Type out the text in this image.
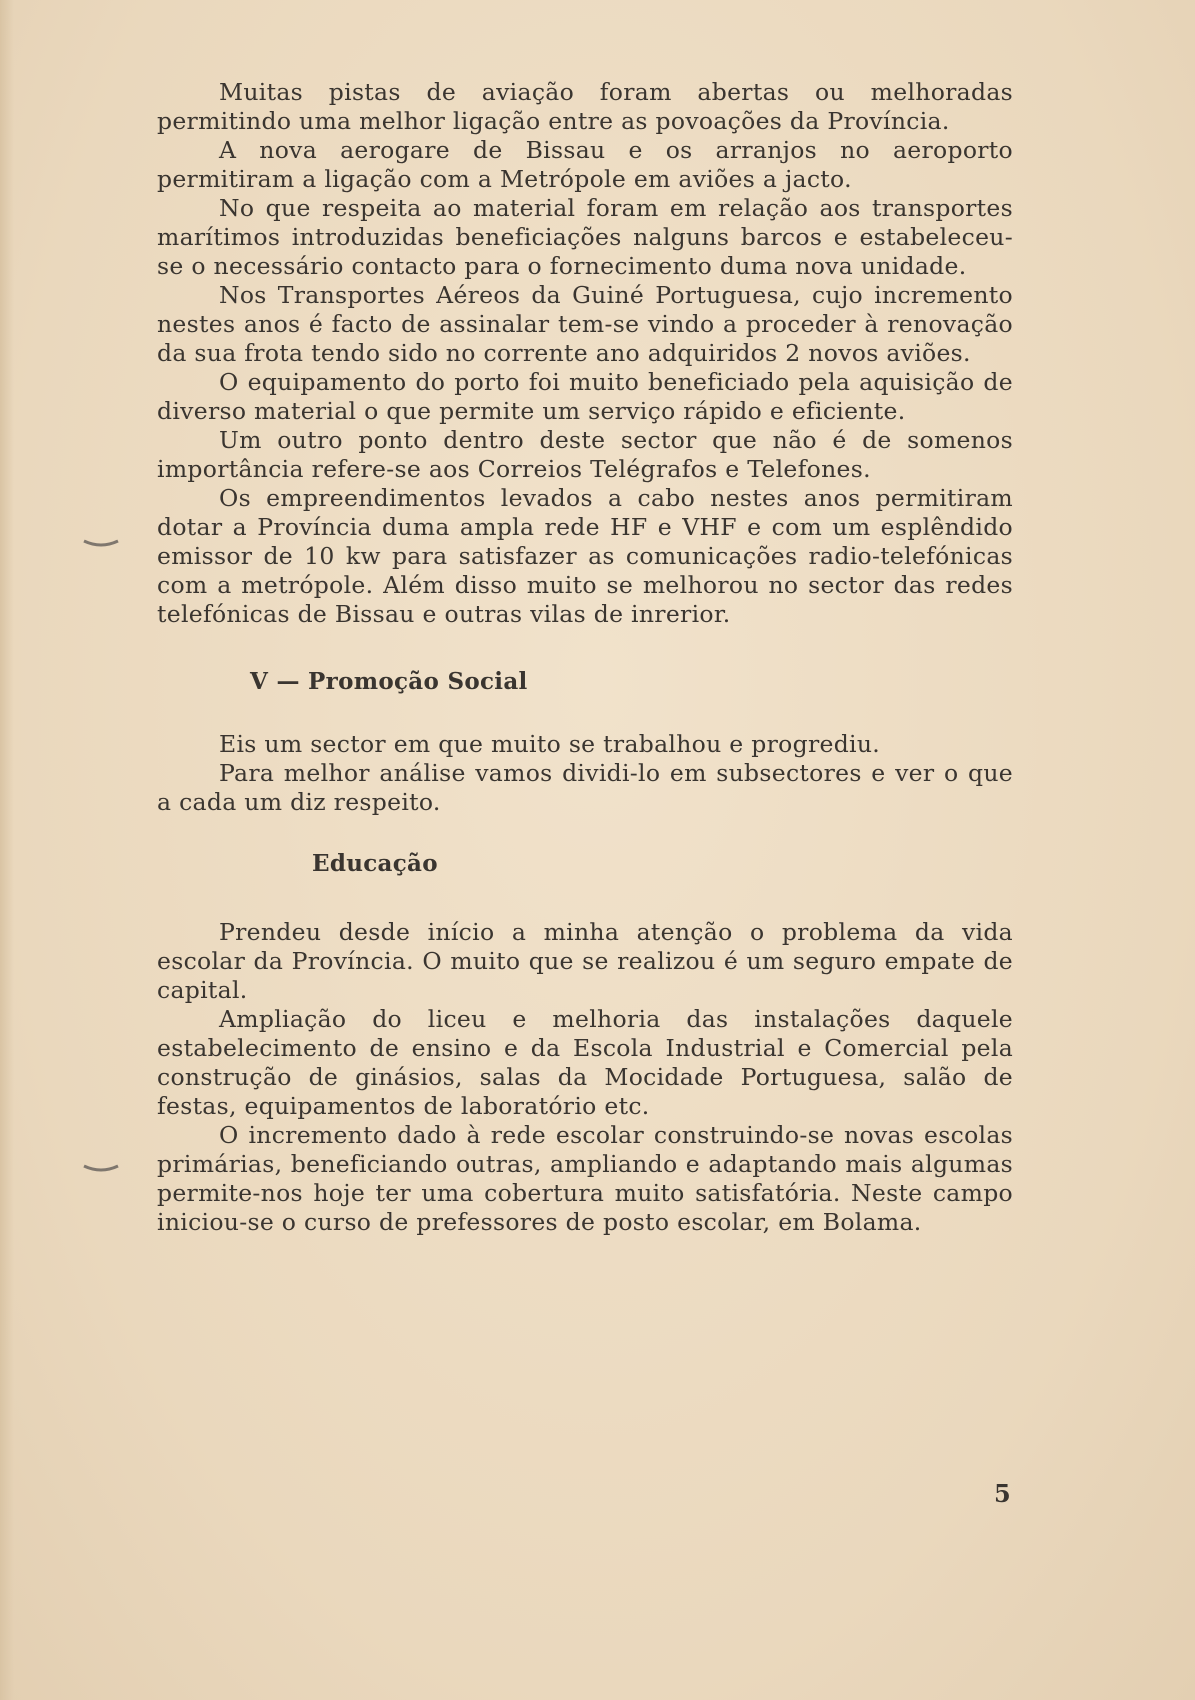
Muitas pistas de aviação foram abertas ou melhoradas permitindo uma melhor ligação entre as povoações da Província.

A nova aerogare de Bissau e os arranjos no aeroporto permitiram a ligação com a Metrópole em aviões a jacto.

No que respeita ao material foram em relação aos transportes marítimos introduzidas beneficiações nalguns barcos e estabeleceu-se o necessário contacto para o fornecimento duma nova unidade.

Nos Transportes Aéreos da Guiné Portuguesa, cujo incremento nestes anos é facto de assinalar tem-se vindo a proceder à renovação da sua frota tendo sido no corrente ano adquiridos 2 novos aviões.

O equipamento do porto foi muito beneficiado pela aquisição de diverso material o que permite um serviço rápido e eficiente.

Um outro ponto dentro deste sector que não é de somenos importância refere-se aos Correios Telégrafos e Telefones.

Os empreendimentos levados a cabo nestes anos permitiram dotar a Província duma ampla rede HF e VHF e com um esplêndido emissor de 10 kw para satisfazer as comunicações radio-telefónicas com a metrópole. Além disso muito se melhorou no sector das redes telefónicas de Bissau e outras vilas de inrerior.

V — Promoção Social

Eis um sector em que muito se trabalhou e progrediu.

Para melhor análise vamos dividi-lo em subsectores e ver o que a cada um diz respeito.

Educação

Prendeu desde início a minha atenção o problema da vida escolar da Província. O muito que se realizou é um seguro empate de capital.

Ampliação do liceu e melhoria das instalações daquele estabelecimento de ensino e da Escola Industrial e Comercial pela construção de ginásios, salas da Mocidade Portuguesa, salão de festas, equipamentos de laboratório etc.

O incremento dado à rede escolar construindo-se novas escolas primárias, beneficiando outras, ampliando e adaptando mais algumas permite-nos hoje ter uma cobertura muito satisfatória. Neste campo iniciou-se o curso de prefessores de posto escolar, em Bolama.

5
